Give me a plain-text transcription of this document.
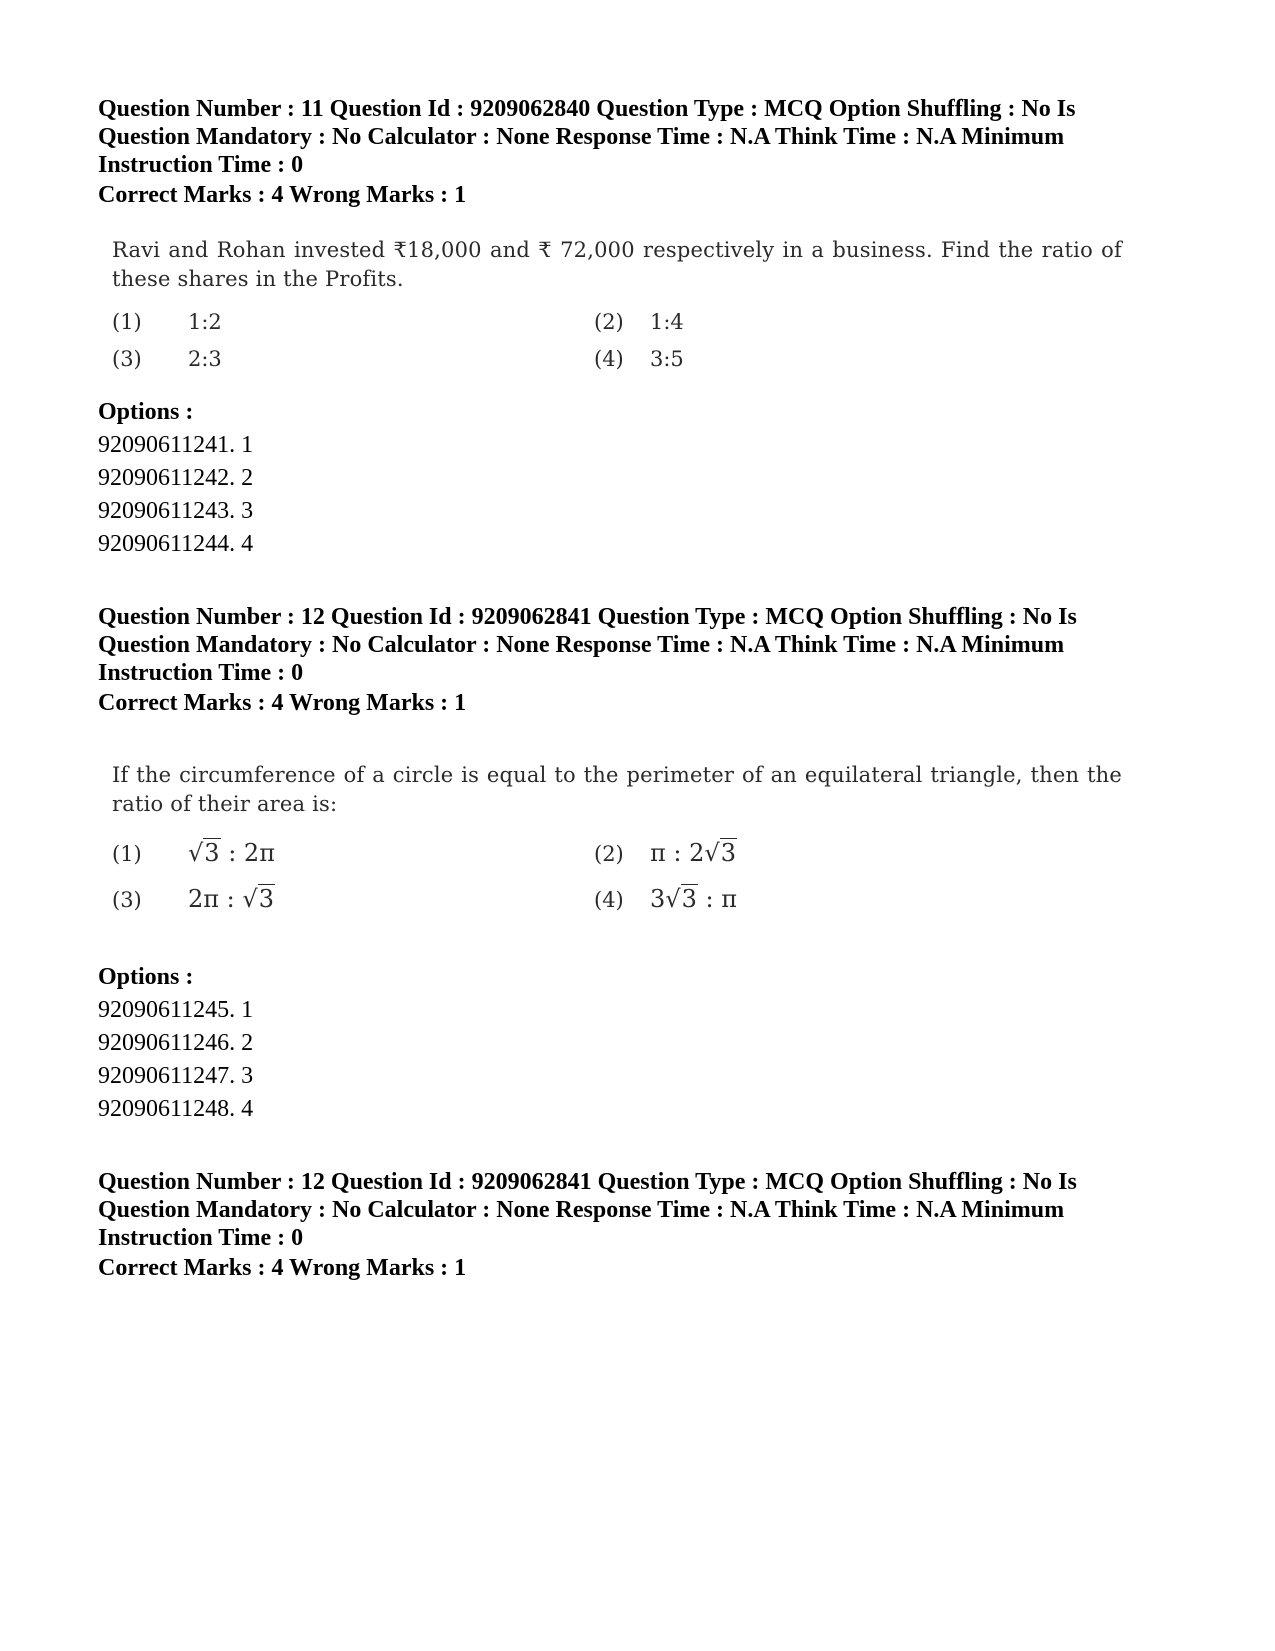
Question Number : 11 Question Id : 9209062840 Question Type : MCQ Option Shuffling : No Is Question Mandatory : No Calculator : None Response Time : N.A Think Time : N.A Minimum Instruction Time : 0
Correct Marks : 4 Wrong Marks : 1
Ravi and Rohan invested ₹18,000 and ₹ 72,000 respectively in a business. Find the ratio of these shares in the Profits.
(1) 1:2	(2) 1:4
(3) 2:3	(4) 3:5
Options :
92090611241. 1
92090611242. 2
92090611243. 3
92090611244. 4
Question Number : 12 Question Id : 9209062841 Question Type : MCQ Option Shuffling : No Is Question Mandatory : No Calculator : None Response Time : N.A Think Time : N.A Minimum Instruction Time : 0
Correct Marks : 4 Wrong Marks : 1
If the circumference of a circle is equal to the perimeter of an equilateral triangle, then the ratio of their area is:
(1) √3 : 2π	(2) π : 2√3
(3) 2π : √3	(4) 3√3 : π
Options :
92090611245. 1
92090611246. 2
92090611247. 3
92090611248. 4
Question Number : 12 Question Id : 9209062841 Question Type : MCQ Option Shuffling : No Is Question Mandatory : No Calculator : None Response Time : N.A Think Time : N.A Minimum Instruction Time : 0
Correct Marks : 4 Wrong Marks : 1
